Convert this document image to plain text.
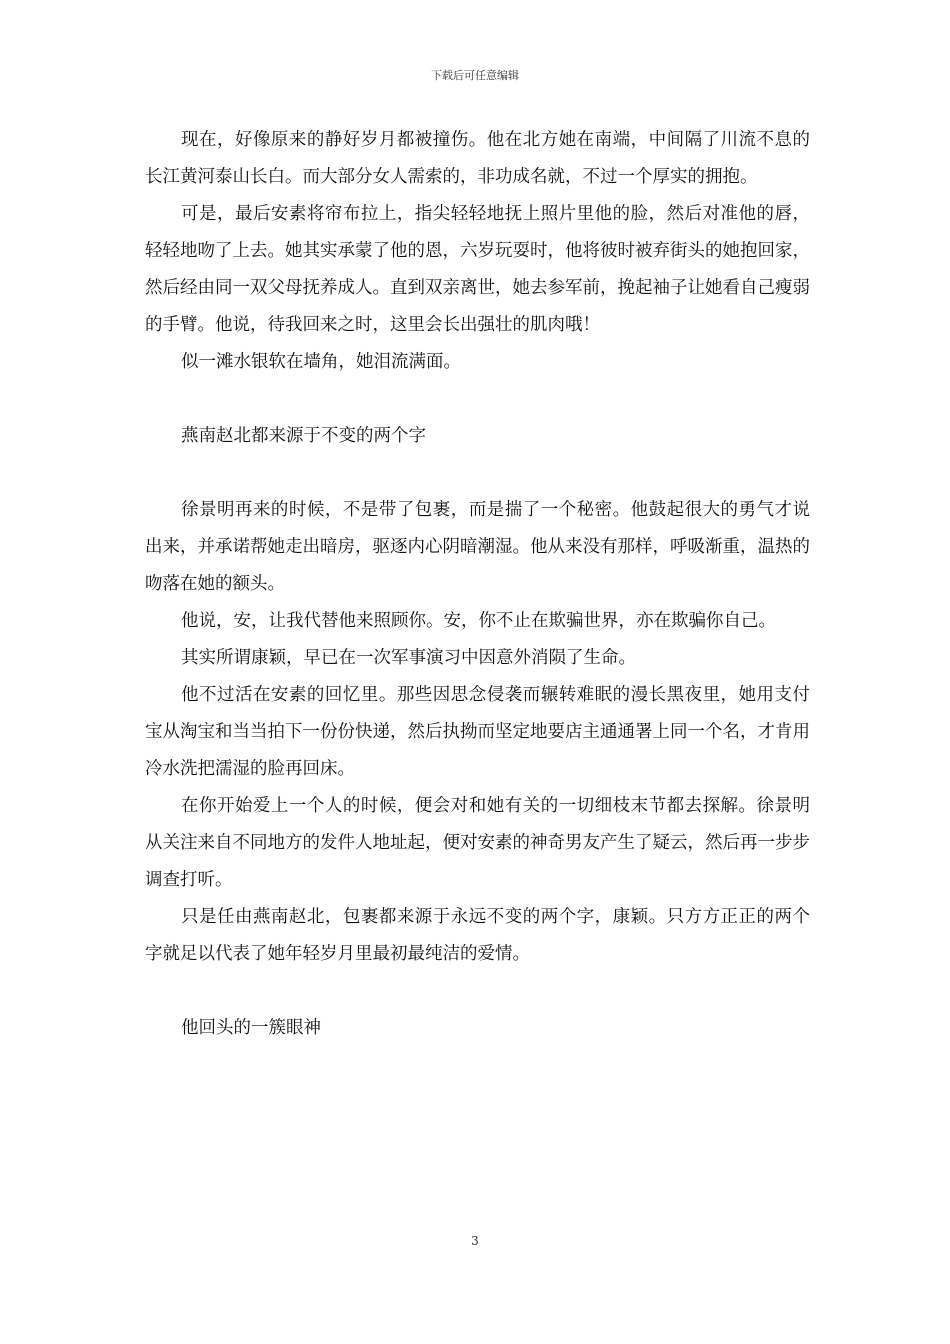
下载后可任意编辑

现在，好像原来的静好岁月都被撞伤。他在北方她在南端，中间隔了川流不息的长江黄河泰山长白。而大部分女人需索的，非功成名就，不过一个厚实的拥抱。

可是，最后安素将帘布拉上，指尖轻轻地抚上照片里他的脸，然后对准他的唇，轻轻地吻了上去。她其实承蒙了他的恩，六岁玩耍时，他将彼时被弃街头的她抱回家，然后经由同一双父母抚养成人。直到双亲离世，她去参军前，挽起袖子让她看自己瘦弱的手臂。他说，待我回来之时，这里会长出强壮的肌肉哦！

似一滩水银软在墙角，她泪流满面。

燕南赵北都来源于不变的两个字

徐景明再来的时候，不是带了包裹，而是揣了一个秘密。他鼓起很大的勇气才说出来，并承诺帮她走出暗房，驱逐内心阴暗潮湿。他从来没有那样，呼吸渐重，温热的吻落在她的额头。

他说，安，让我代替他来照顾你。安，你不止在欺骗世界，亦在欺骗你自己。

其实所谓康颖，早已在一次军事演习中因意外消陨了生命。

他不过活在安素的回忆里。那些因思念侵袭而辗转难眠的漫长黑夜里，她用支付宝从淘宝和当当拍下一份份快递，然后执拗而坚定地要店主通通署上同一个名，才肯用冷水洗把濡湿的脸再回床。

在你开始爱上一个人的时候，便会对和她有关的一切细枝末节都去探解。徐景明从关注来自不同地方的发件人地址起，便对安素的神奇男友产生了疑云，然后再一步步调查打听。

只是任由燕南赵北，包裹都来源于永远不变的两个字，康颖。只方方正正的两个字就足以代表了她年轻岁月里最初最纯洁的爱情。

他回头的一簇眼神

3
